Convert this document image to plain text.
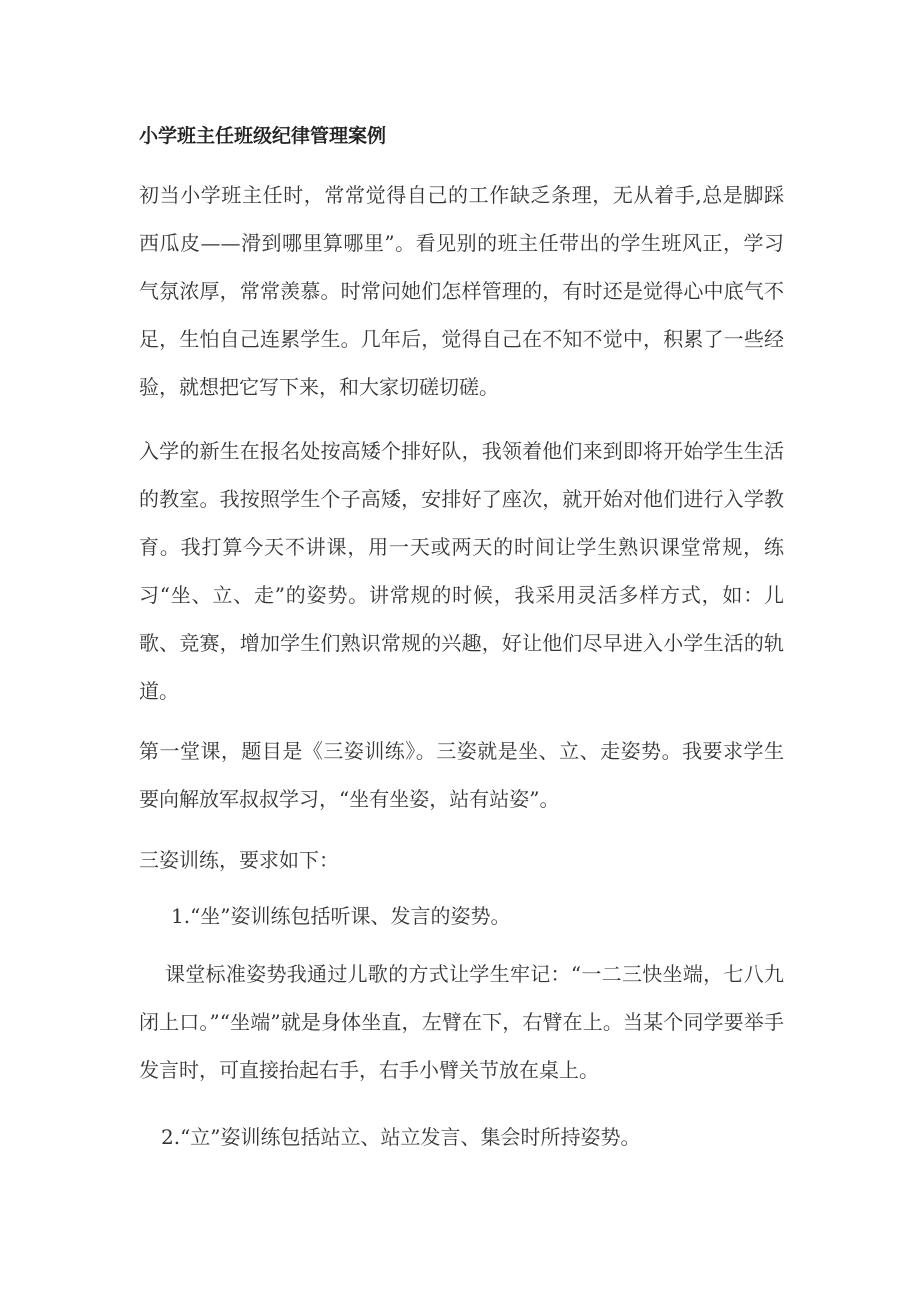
小学班主任班级纪律管理案例
初当小学班主任时，常常觉得自己的工作缺乏条理，无从着手,总是脚踩西瓜皮——滑到哪里算哪里”。看见别的班主任带出的学生班风正，学习气氛浓厚，常常羡慕。时常问她们怎样管理的，有时还是觉得心中底气不足，生怕自己连累学生。几年后，觉得自己在不知不觉中，积累了一些经验，就想把它写下来，和大家切磋切磋。
入学的新生在报名处按高矮个排好队，我领着他们来到即将开始学生生活的教室。我按照学生个子高矮，安排好了座次，就开始对他们进行入学教育。我打算今天不讲课，用一天或两天的时间让学生熟识课堂常规，练习“坐、立、走”的姿势。讲常规的时候，我采用灵活多样方式，如：儿歌、竞赛，增加学生们熟识常规的兴趣，好让他们尽早进入小学生活的轨道。
第一堂课，题目是《三姿训练》。三姿就是坐、立、走姿势。我要求学生要向解放军叔叔学习，“坐有坐姿，站有站姿”。
三姿训练，要求如下：
1.“坐”姿训练包括听课、发言的姿势。
课堂标准姿势我通过儿歌的方式让学生牢记：“一二三快坐端，七八九闭上口。”“坐端”就是身体坐直，左臂在下，右臂在上。当某个同学要举手发言时，可直接抬起右手，右手小臂关节放在桌上。
2.“立”姿训练包括站立、站立发言、集会时所持姿势。
